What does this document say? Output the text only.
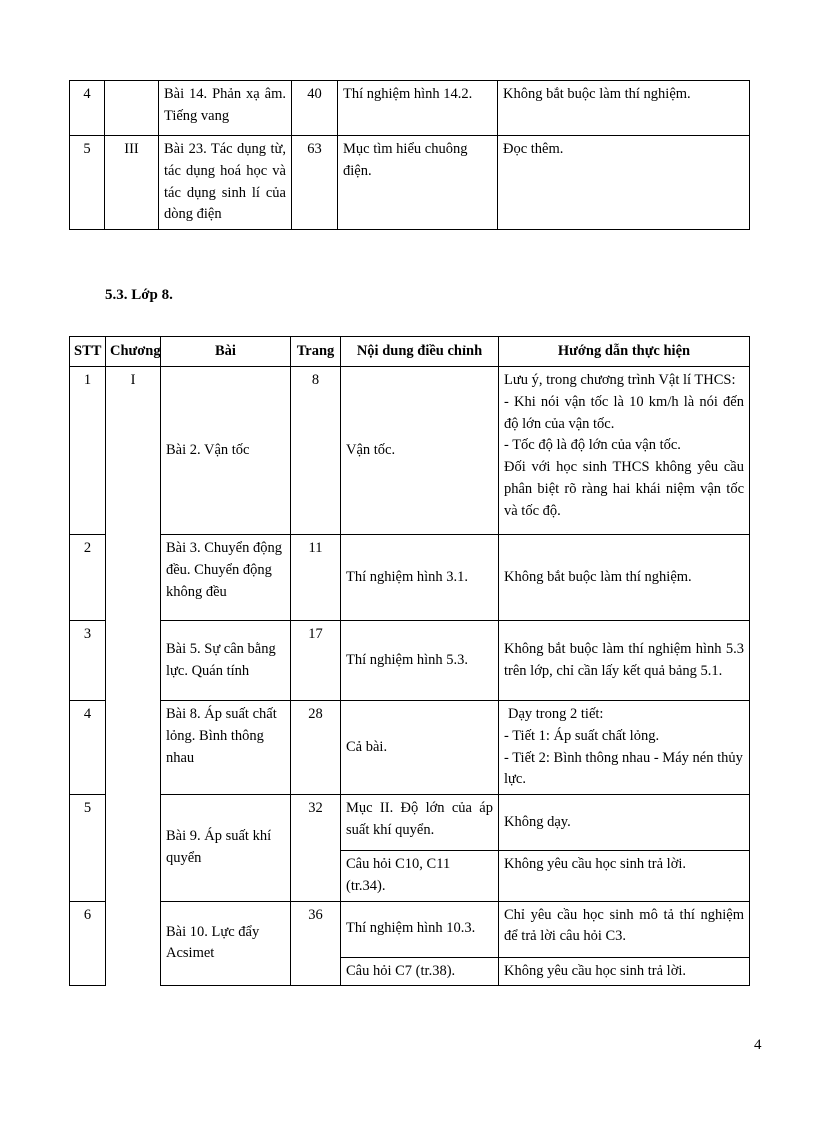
4		Bài 14. Phản xạ âm. Tiếng vang	40	Thí nghiệm hình 14.2.	Không bắt buộc làm thí nghiệm.
5	III	Bài 23. Tác dụng từ, tác dụng hoá học và tác dụng sinh lí của dòng điện	63	Mục tìm hiểu chuông điện.	Đọc thêm.
5.3. Lớp 8.
STT	Chương	Bài	Trang	Nội dung điều chỉnh	Hướng dẫn thực hiện
1	I	Bài 2. Vận tốc	8	Vận tốc.	Lưu ý, trong chương trình Vật lí THCS:
- Khi nói vận tốc là 10 km/h là nói đến độ lớn của vận tốc.
- Tốc độ là độ lớn của vận tốc.
Đối với học sinh THCS không yêu cầu phân biệt rõ ràng hai khái niệm vận tốc và tốc độ.

2		Bài 3. Chuyển động đều. Chuyển động không đều	11	Thí nghiệm hình 3.1.	Không bắt buộc làm thí nghiệm.
3		Bài 5. Sự cân bằng lực. Quán tính	17	Thí nghiệm hình 5.3.	Không bắt buộc làm thí nghiệm hình 5.3 trên lớp, chỉ cần lấy kết quả bảng 5.1.
4		Bài 8. Áp suất chất lỏng. Bình thông nhau	28	Cả bài.	Dạy trong 2 tiết:
- Tiết 1: Áp suất chất lỏng.
- Tiết 2: Bình thông nhau - Máy nén thủy lực.

5		Bài 9. Áp suất khí quyển	32	Mục II. Độ lớn của áp suất khí quyển.	Không dạy.
				Câu hỏi C10, C11 (tr.34).	Không yêu cầu học sinh trả lời.
6		Bài 10. Lực đẩy Acsimet	36	Thí nghiệm hình 10.3.	Chỉ yêu cầu học sinh mô tả thí nghiệm để trả lời câu hỏi C3.
				Câu hỏi C7 (tr.38).	Không yêu cầu học sinh trả lời.
4
